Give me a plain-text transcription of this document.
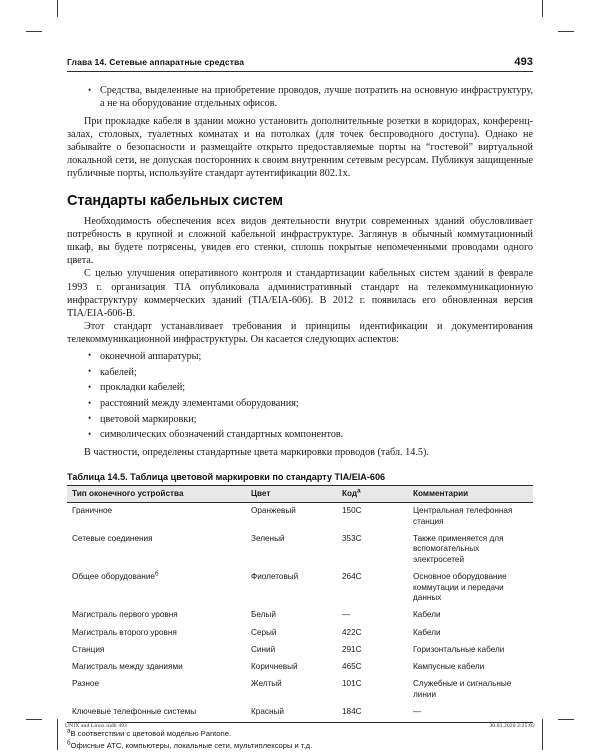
Глава 14. Сетевые аппаратные средства	493
• Средства, выделенные на приобретение проводов, лучше потратить на основную инфраструктуру, а не на оборудование отдельных офисов.

При прокладке кабеля в здании можно установить дополнительные розетки в коридорах, конференц-залах, столовых, туалетных комнатах и на потолках (для точек беспроводного доступа). Однако не забывайте о безопасности и размещайте открыто предоставляемые порты на “гостевой” виртуальной локальной сети, не допуская посторонних к своим внутренним сетевым ресурсам. Публикуя защищенные публичные порты, используйте стандарт аутентификации 802.1x.

Стандарты кабельных систем

Необходимость обеспечения всех видов деятельности внутри современных зданий обусловливает потребность в крупной и сложной кабельной инфраструктуре. Заглянув в обычный коммутационный шкаф, вы будете потрясены, увидев его стенки, сплошь покрытые непомеченными проводами одного цвета.

С целью улучшения оперативного контроля и стандартизации кабельных систем зданий в феврале 1993 г. организация TIA опубликовала административный стандарт на телекоммуникационную инфраструктуру коммерческих зданий (TIA/EIA-606). В 2012 г. появилась его обновленная версия TIA/EIA-606-B.

Этот стандарт устанавливает требования и принципы идентификации и документирования телекоммуникационной инфраструктуры. Он касается следующих аспектов:

• оконечной аппаратуры;
• кабелей;
• прокладки кабелей;
• расстояний между элементами оборудования;
• цветовой маркировки;
• символических обозначений стандартных компонентов.

В частности, определены стандартные цвета маркировки проводов (табл. 14.5).

Таблица 14.5. Таблица цветовой маркировки по стандарту TIA/EIA-606
Тип оконечного устройства	Цвет	Код$^а$	Комментарии
Граничное	Оранжевый	150C	Центральная телефонная станция
Сетевые соединения	Зеленый	353C	Также применяется для вспомогательных электросетей
Общее оборудование$^б$	Фиолетовый	264C	Основное оборудование коммутации и передачи данных
Магистраль первого уровня	Белый	—	Кабели
Магистраль второго уровня	Серый	422C	Кабели
Станция	Синий	291C	Горизонтальные кабели
Магистраль между зданиями	Коричневый	465C	Кампусные кабели
Разное	Желтый	101C	Служебные и сигнальные линии
Ключевые телефонные системы	Красный	184C	—
$^а$В соответствии с цветовой моделью Pantone.
$^б$Офисные АТС, компьютеры, локальные сети, мультиплексоры и т.д.
UNIX and Linux.indb 493	30.03.2020 2:25:02
